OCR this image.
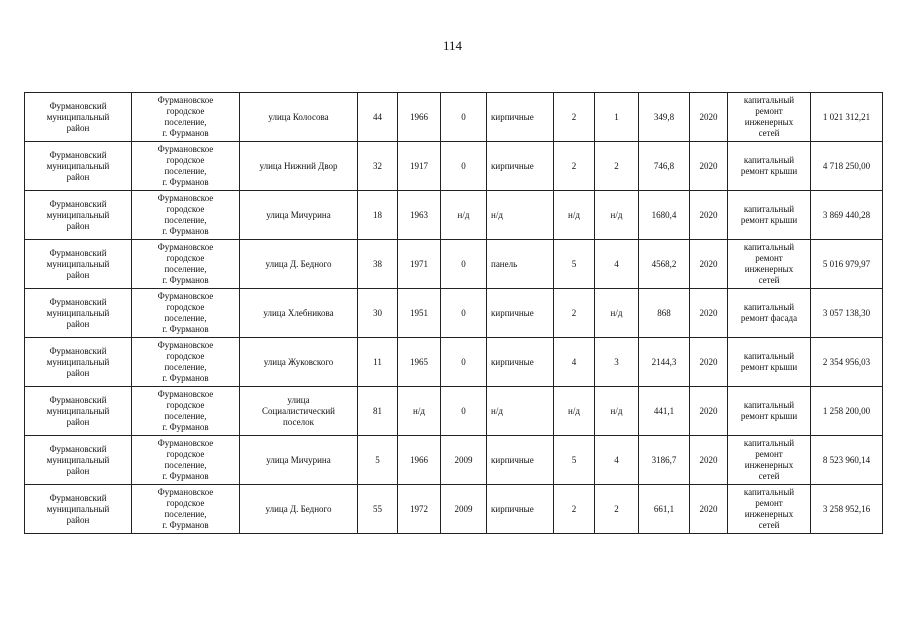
114
Фурмановский
муниципальный
район	Фурмановское
городское
поселение,
г. Фурманов	улица Колосова	44	1966	0	кирпичные	2	1	349,8	2020	капитальный
ремонт
инженерных
сетей	1 021 312,21

Фурмановский
муниципальный
район	Фурмановское
городское
поселение,
г. Фурманов	улица Нижний Двор	32	1917	0	кирпичные	2	2	746,8	2020	капитальный
ремонт крыши	4 718 250,00

Фурмановский
муниципальный
район	Фурмановское
городское
поселение,
г. Фурманов	улица Мичурина	18	1963	н/д	н/д	н/д	н/д	1680,4	2020	капитальный
ремонт крыши	3 869 440,28

Фурмановский
муниципальный
район	Фурмановское
городское
поселение,
г. Фурманов	улица Д. Бедного	38	1971	0	панель	5	4	4568,2	2020	капитальный
ремонт
инженерных
сетей	5 016 979,97

Фурмановский
муниципальный
район	Фурмановское
городское
поселение,
г. Фурманов	улица Хлебникова	30	1951	0	кирпичные	2	н/д	868	2020	капитальный
ремонт фасада	3 057 138,30

Фурмановский
муниципальный
район	Фурмановское
городское
поселение,
г. Фурманов	улица Жуковского	11	1965	0	кирпичные	4	3	2144,3	2020	капитальный
ремонт крыши	2 354 956,03

Фурмановский
муниципальный
район	Фурмановское
городское
поселение,
г. Фурманов	улица
Социалистический
поселок	81	н/д	0	н/д	н/д	н/д	441,1	2020	капитальный
ремонт крыши	1 258 200,00

Фурмановский
муниципальный
район	Фурмановское
городское
поселение,
г. Фурманов	улица Мичурина	5	1966	2009	кирпичные	5	4	3186,7	2020	капитальный
ремонт
инженерных
сетей	8 523 960,14

Фурмановский
муниципальный
район	Фурмановское
городское
поселение,
г. Фурманов	улица Д. Бедного	55	1972	2009	кирпичные	2	2	661,1	2020	капитальный
ремонт
инженерных
сетей	3 258 952,16
